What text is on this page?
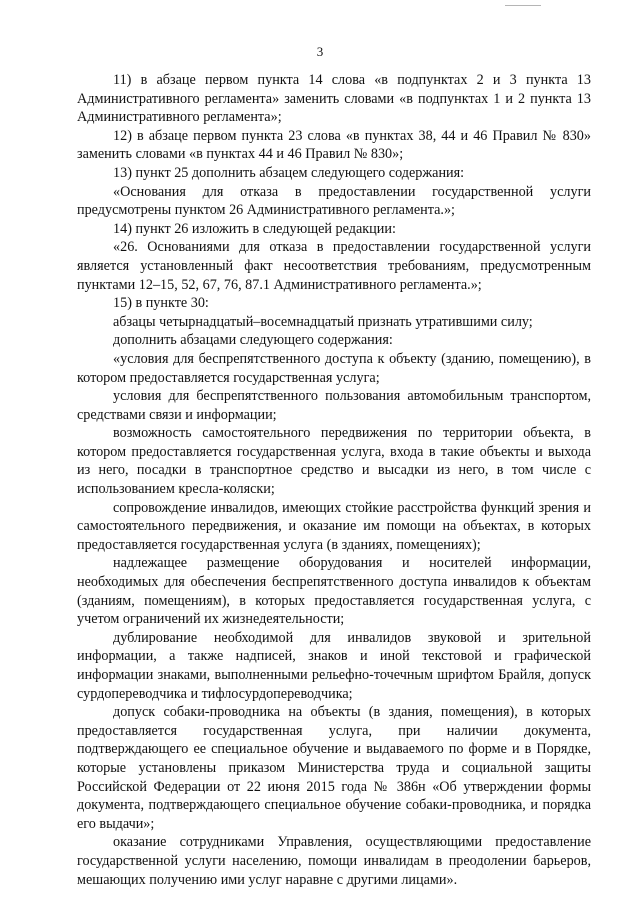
3

11) в абзаце первом пункта 14 слова «в подпунктах 2 и 3 пункта 13 Административного регламента» заменить словами «в подпунктах 1 и 2 пункта 13 Административного регламента»;

12) в абзаце первом пункта 23 слова «в пунктах 38, 44 и 46 Правил № 830» заменить словами «в пунктах 44 и 46 Правил № 830»;

13) пункт 25 дополнить абзацем следующего содержания:

«Основания для отказа в предоставлении государственной услуги предусмотрены пунктом 26 Административного регламента.»;

14) пункт 26 изложить в следующей редакции:

«26. Основаниями для отказа в предоставлении государственной услуги является установленный факт несоответствия требованиям, предусмотренным пунктами 12–15, 52, 67, 76, 87.1 Административного регламента.»;

15) в пункте 30:

абзацы четырнадцатый–восемнадцатый признать утратившими силу;

дополнить абзацами следующего содержания:

«условия для беспрепятственного доступа к объекту (зданию, помещению), в котором предоставляется государственная услуга;

условия для беспрепятственного пользования автомобильным транспортом, средствами связи и информации;

возможность самостоятельного передвижения по территории объекта, в котором предоставляется государственная услуга, входа в такие объекты и выхода из него, посадки в транспортное средство и высадки из него, в том числе с использованием кресла-коляски;

сопровождение инвалидов, имеющих стойкие расстройства функций зрения и самостоятельного передвижения, и оказание им помощи на объектах, в которых предоставляется государственная услуга (в зданиях, помещениях);

надлежащее размещение оборудования и носителей информации, необходимых для обеспечения беспрепятственного доступа инвалидов к объектам (зданиям, помещениям), в которых предоставляется государственная услуга, с учетом ограничений их жизнедеятельности;

дублирование необходимой для инвалидов звуковой и зрительной информации, а также надписей, знаков и иной текстовой и графической информации знаками, выполненными рельефно-точечным шрифтом Брайля, допуск сурдопереводчика и тифлосурдопереводчика;

допуск собаки-проводника на объекты (в здания, помещения), в которых предоставляется государственная услуга, при наличии документа, подтверждающего ее специальное обучение и выдаваемого по форме и в Порядке, которые установлены приказом Министерства труда и социальной защиты Российской Федерации от 22 июня 2015 года № 386н «Об утверждении формы документа, подтверждающего специальное обучение собаки-проводника, и порядка его выдачи»;

оказание сотрудниками Управления, осуществляющими предоставление государственной услуги населению, помощи инвалидам в преодолении барьеров, мешающих получению ими услуг наравне с другими лицами».
